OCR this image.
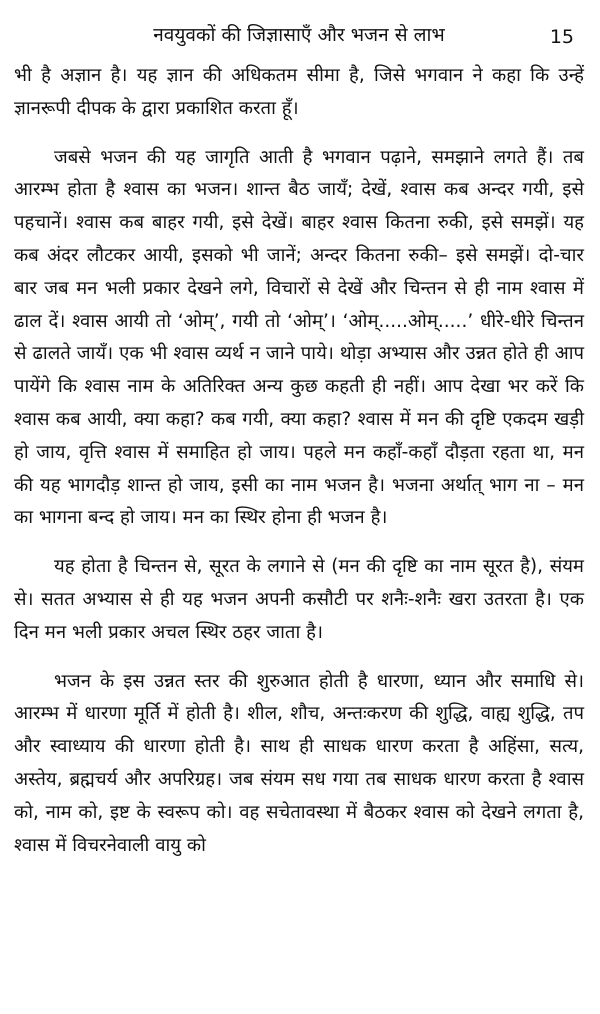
नवयुवकों की जिज्ञासाएँ और भजन से लाभ	15

भी है अज्ञान है। यह ज्ञान की अधिकतम सीमा है, जिसे भगवान ने कहा कि उन्हें ज्ञानरूपी दीपक के द्वारा प्रकाशित करता हूँ।

जबसे भजन की यह जागृति आती है भगवान पढ़ाने, समझाने लगते हैं। तब आरम्भ होता है श्वास का भजन। शान्त बैठ जायँ; देखें, श्वास कब अन्दर गयी, इसे पहचानें। श्वास कब बाहर गयी, इसे देखें। बाहर श्वास कितना रुकी, इसे समझें। यह कब अंदर लौटकर आयी, इसको भी जानें; अन्दर कितना रुकी– इसे समझें। दो-चार बार जब मन भली प्रकार देखने लगे, विचारों से देखें और चिन्तन से ही नाम श्वास में ढाल दें। श्वास आयी तो ‘ओम्’, गयी तो ‘ओम्’। ‘ओम्.....ओम्.....’ धीरे-धीरे चिन्तन से ढालते जायँ। एक भी श्वास व्यर्थ न जाने पाये। थोड़ा अभ्यास और उन्नत होते ही आप पायेंगे कि श्वास नाम के अतिरिक्त अन्य कुछ कहती ही नहीं। आप देखा भर करें कि श्वास कब आयी, क्या कहा? कब गयी, क्या कहा? श्वास में मन की दृष्टि एकदम खड़ी हो जाय, वृत्ति श्वास में समाहित हो जाय। पहले मन कहाँ-कहाँ दौड़ता रहता था, मन की यह भागदौड़ शान्त हो जाय, इसी का नाम भजन है। भजना अर्थात् भाग ना – मन का भागना बन्द हो जाय। मन का स्थिर होना ही भजन है।

यह होता है चिन्तन से, सूरत के लगाने से (मन की दृष्टि का नाम सूरत है), संयम से। सतत अभ्यास से ही यह भजन अपनी कसौटी पर शनैः-शनैः खरा उतरता है। एक दिन मन भली प्रकार अचल स्थिर ठहर जाता है।

भजन के इस उन्नत स्तर की शुरुआत होती है धारणा, ध्यान और समाधि से। आरम्भ में धारणा मूर्ति में होती है। शील, शौच, अन्तःकरण की शुद्धि, वाह्य शुद्धि, तप और स्वाध्याय की धारणा होती है। साथ ही साधक धारण करता है अहिंसा, सत्य, अस्तेय, ब्रह्मचर्य और अपरिग्रह। जब संयम सध गया तब साधक धारण करता है श्वास को, नाम को, इष्ट के स्वरूप को। वह सचेतावस्था में बैठकर श्वास को देखने लगता है, श्वास में विचरनेवाली वायु को
